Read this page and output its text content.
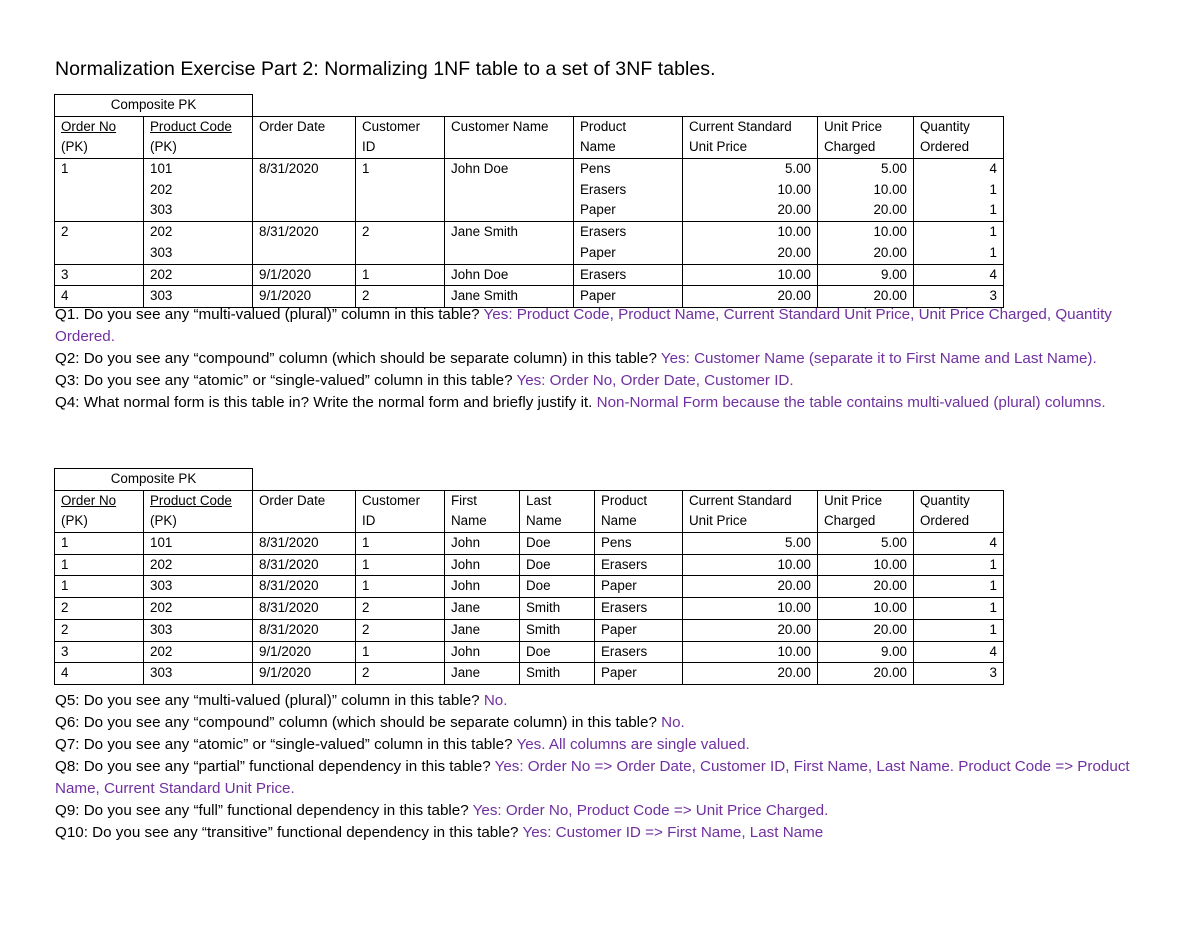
Normalization Exercise Part 2: Normalizing 1NF table to a set of 3NF tables.
Composite PK								
Order No	Product Code	Order Date	Customer	Customer Name	Product	Current Standard	Unit Price	Quantity
(PK)	(PK)		ID		Name	Unit Price	Charged	Ordered
1	101	8/31/2020	1	John Doe	Pens	5.00	5.00	4
	202				Erasers	10.00	10.00	1
	303				Paper	20.00	20.00	1
2	202	8/31/2020	2	Jane Smith	Erasers	10.00	10.00	1
	303				Paper	20.00	20.00	1
3	202	9/1/2020	1	John Doe	Erasers	10.00	9.00	4
4	303	9/1/2020	2	Jane Smith	Paper	20.00	20.00	3
Q1. Do you see any “multi-valued (plural)” column in this table? Yes: Product Code, Product Name, Current Standard Unit Price, Unit Price Charged, Quantity Ordered.
Q2: Do you see any “compound” column (which should be separate column) in this table? Yes: Customer Name (separate it to First Name and Last Name).
Q3: Do you see any “atomic” or “single-valued” column in this table? Yes: Order No, Order Date, Customer ID.
Q4: What normal form is this table in? Write the normal form and briefly justify it. Non-Normal Form because the table contains multi-valued (plural) columns.
Composite PK									
Order No	Product Code	Order Date	Customer	First	Last	Product	Current Standard	Unit Price	Quantity
(PK)	(PK)		ID	Name	Name	Name	Unit Price	Charged	Ordered
1	101	8/31/2020	1	John	Doe	Pens	5.00	5.00	4
1	202	8/31/2020	1	John	Doe	Erasers	10.00	10.00	1
1	303	8/31/2020	1	John	Doe	Paper	20.00	20.00	1
2	202	8/31/2020	2	Jane	Smith	Erasers	10.00	10.00	1
2	303	8/31/2020	2	Jane	Smith	Paper	20.00	20.00	1
3	202	9/1/2020	1	John	Doe	Erasers	10.00	9.00	4
4	303	9/1/2020	2	Jane	Smith	Paper	20.00	20.00	3
Q5: Do you see any “multi-valued (plural)” column in this table? No.
Q6: Do you see any “compound” column (which should be separate column) in this table? No.
Q7: Do you see any “atomic” or “single-valued” column in this table? Yes. All columns are single valued.
Q8: Do you see any “partial” functional dependency in this table? Yes: Order No => Order Date, Customer ID, First Name, Last Name. Product Code => Product Name, Current Standard Unit Price.
Q9: Do you see any “full” functional dependency in this table? Yes: Order No, Product Code => Unit Price Charged.
Q10: Do you see any “transitive” functional dependency in this table? Yes: Customer ID => First Name, Last Name
